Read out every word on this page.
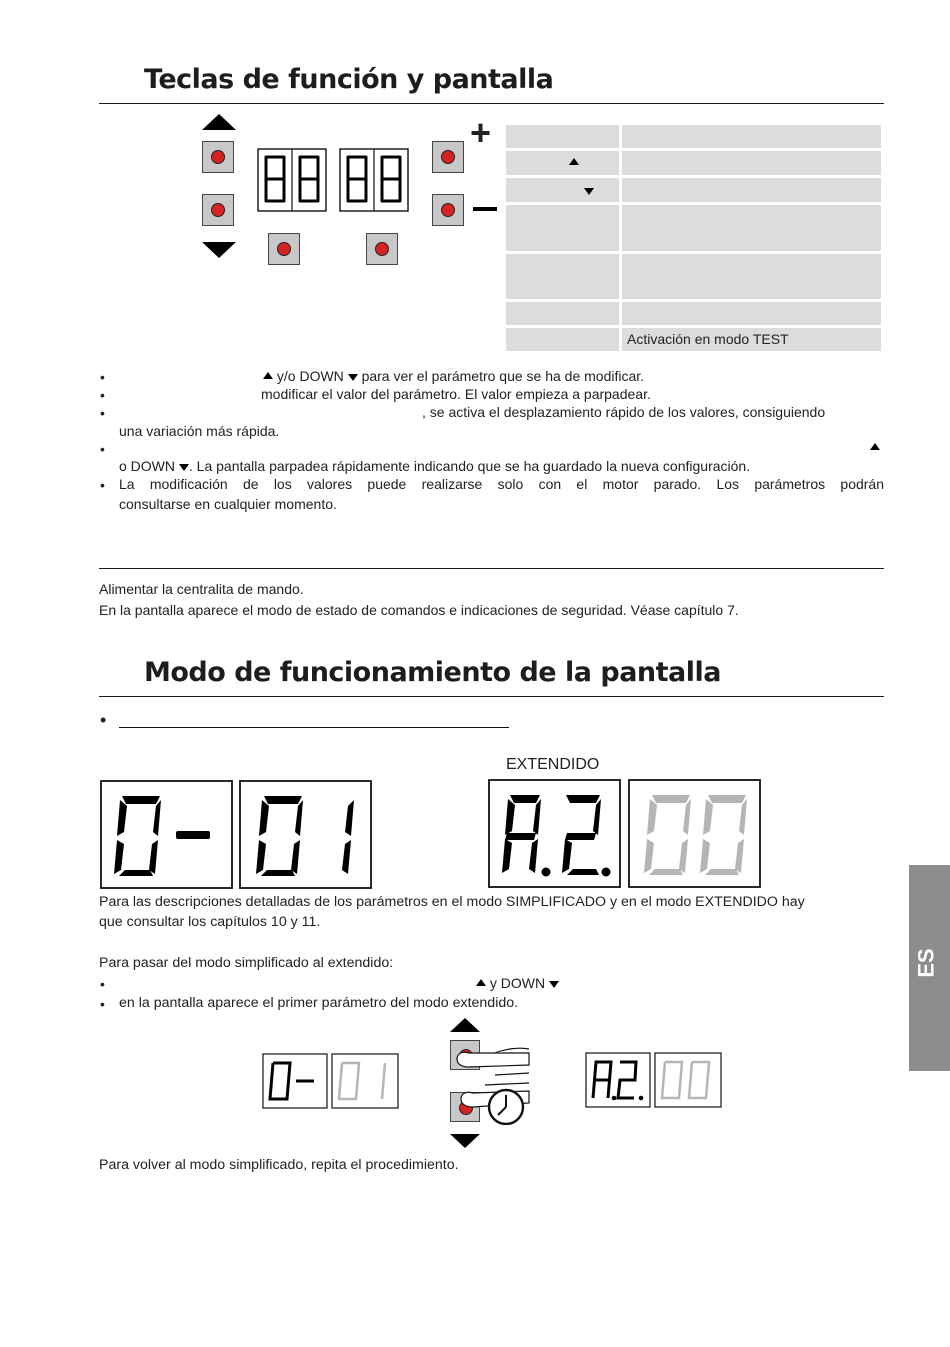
Teclas de función y pantalla
+
Activación en modo TEST
•	y/o DOWN para ver el parámetro que se ha de modificar.
•	modificar el valor del parámetro. El valor empieza a parpadear.
•	, se activa el desplazamiento rápido de los valores, consiguiendo
una variación más rápida.
•
o DOWN . La pantalla parpadea rápidamente indicando que se ha guardado la nueva configuración.
• La modificación de los valores puede realizarse solo con el motor parado. Los parámetros podrán
consultarse en cualquier momento.
Alimentar la centralita de mando.
En la pantalla aparece el modo de estado de comandos e indicaciones de seguridad. Véase capítulo 7.
Modo de funcionamiento de la pantalla
•
EXTENDIDO
Para las descripciones detalladas de los parámetros en el modo SIMPLIFICADO y en el modo EXTENDIDO hay
que consultar los capítulos 10 y 11.
Para pasar del modo simplificado al extendido:
•	y DOWN
• en la pantalla aparece el primer parámetro del modo extendido.
Para volver al modo simplificado, repita el procedimiento.
ES
